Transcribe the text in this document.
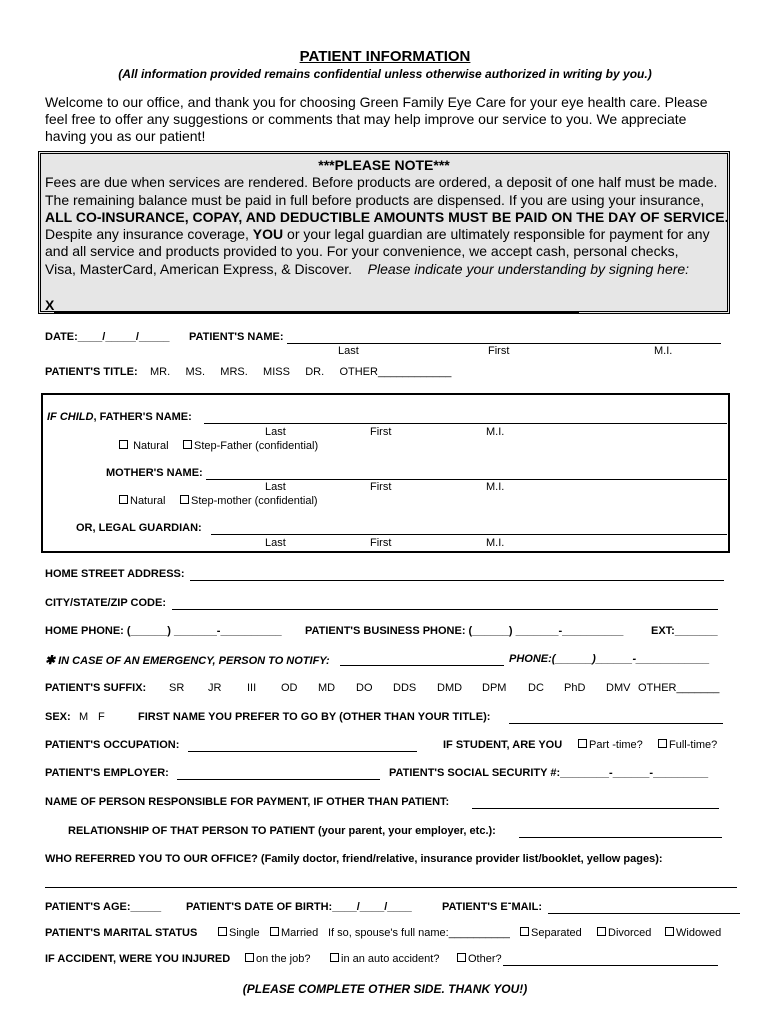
PATIENT INFORMATION
(All information provided remains confidential unless otherwise authorized in writing by you.)
Welcome to our office, and thank you for choosing Green Family Eye Care for your eye health care. Please feel free to offer any suggestions or comments that may help improve our service to you. We appreciate having you as our patient!
***PLEASE NOTE***
Fees are due when services are rendered. Before products are ordered, a deposit of one half must be made.
The remaining balance must be paid in full before products are dispensed. If you are using your insurance,
ALL CO-INSURANCE, COPAY, AND DEDUCTIBLE AMOUNTS MUST BE PAID ON THE DAY OF SERVICE.
Despite any insurance coverage, YOU or your legal guardian are ultimately responsible for payment for any
and all service and products provided to you. For your convenience, we accept cash, personal checks,
Visa, MasterCard, American Express, & Discover.    Please indicate your understanding by signing here:
X
DATE:____/_____/_____ PATIENT'S NAME:
Last	First	M.I.
PATIENT'S TITLE: MR.     MS.     MRS.     MISS     DR.     OTHER____________
IF CHILD, FATHER'S NAME:
Last	First	M.I.
Natural	Step-Father (confidential)
MOTHER'S NAME:
Last	First	M.I.
Natural	Step-mother (confidential)
OR, LEGAL GUARDIAN:
Last	First	M.I.
HOME STREET ADDRESS:
CITY/STATE/ZIP CODE:
HOME PHONE: (______) _______-__________ PATIENT'S BUSINESS PHONE: (______) _______-__________	EXT:_______
✱ IN CASE OF AN EMERGENCY, PERSON TO NOTIFY:	PHONE:(______)______-____________
PATIENT'S SUFFIX: SR JR III OD MD DO DDS DMD DPM DC PhD DMV OTHER_______
SEX: M F	FIRST NAME YOU PREFER TO GO BY (OTHER THAN YOUR TITLE):
PATIENT'S OCCUPATION:	IF STUDENT, ARE YOU	Part -time?	Full-time?
PATIENT'S EMPLOYER:	PATIENT'S SOCIAL SECURITY #:________-______-_________
NAME OF PERSON RESPONSIBLE FOR PAYMENT, IF OTHER THAN PATIENT:
RELATIONSHIP OF THAT PERSON TO PATIENT (your parent, your employer, etc.):
WHO REFERRED YOU TO OUR OFFICE? (Family doctor, friend/relative, insurance provider list/booklet, yellow pages):
PATIENT'S AGE:_____ PATIENT'S DATE OF BIRTH:____/____/____	PATIENT'S E-MAIL:
PATIENT'S MARITAL STATUS	Single	Married If so, spouse's full name:__________	Separated	Divorced	Widowed
IF ACCIDENT, WERE YOU INJURED	on the job?	in an auto accident?	Other?
(PLEASE COMPLETE OTHER SIDE. THANK YOU!)
